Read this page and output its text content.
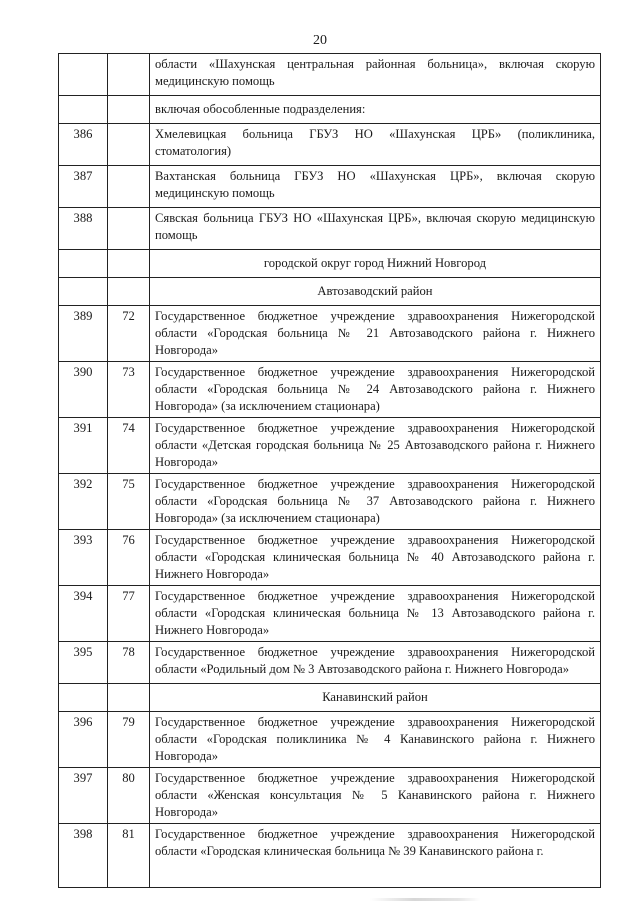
20
		области «Шахунская центральная районная больница», включая скорую медицинскую помощь
		включая обособленные подразделения:
386		Хмелевицкая больница ГБУЗ НО «Шахунская ЦРБ» (поликлиника, стоматология)
387		Вахтанская больница ГБУЗ НО «Шахунская ЦРБ», включая скорую медицинскую помощь
388		Сявская больница ГБУЗ НО «Шахунская ЦРБ», включая скорую медицинскую помощь
		городской округ город Нижний Новгород
		Автозаводский район
389	72	Государственное бюджетное учреждение здравоохранения Нижегородской области «Городская больница № 21 Автозаводского района г. Нижнего Новгорода»
390	73	Государственное бюджетное учреждение здравоохранения Нижегородской области «Городская больница № 24 Автозаводского района г. Нижнего Новгорода» (за исключением стационара)
391	74	Государственное бюджетное учреждение здравоохранения Нижегородской области «Детская городская больница № 25 Автозаводского района г. Нижнего Новгорода»
392	75	Государственное бюджетное учреждение здравоохранения Нижегородской области «Городская больница № 37 Автозаводского района г. Нижнего Новгорода» (за исключением стационара)
393	76	Государственное бюджетное учреждение здравоохранения Нижегородской области «Городская клиническая больница № 40 Автозаводского района г. Нижнего Новгорода»
394	77	Государственное бюджетное учреждение здравоохранения Нижегородской области «Городская клиническая больница № 13 Автозаводского района г. Нижнего Новгорода»
395	78	Государственное бюджетное учреждение здравоохранения Нижегородской области «Родильный дом № 3 Автозаводского района г. Нижнего Новгорода»
		Канавинский район
396	79	Государственное бюджетное учреждение здравоохранения Нижегородской области «Городская поликлиника № 4 Канавинского района г. Нижнего Новгорода»
397	80	Государственное бюджетное учреждение здравоохранения Нижегородской области «Женская консультация № 5 Канавинского района г. Нижнего Новгорода»
398	81	Государственное бюджетное учреждение здравоохранения Нижегородской области «Городская клиническая больница № 39 Канавинского района г.
